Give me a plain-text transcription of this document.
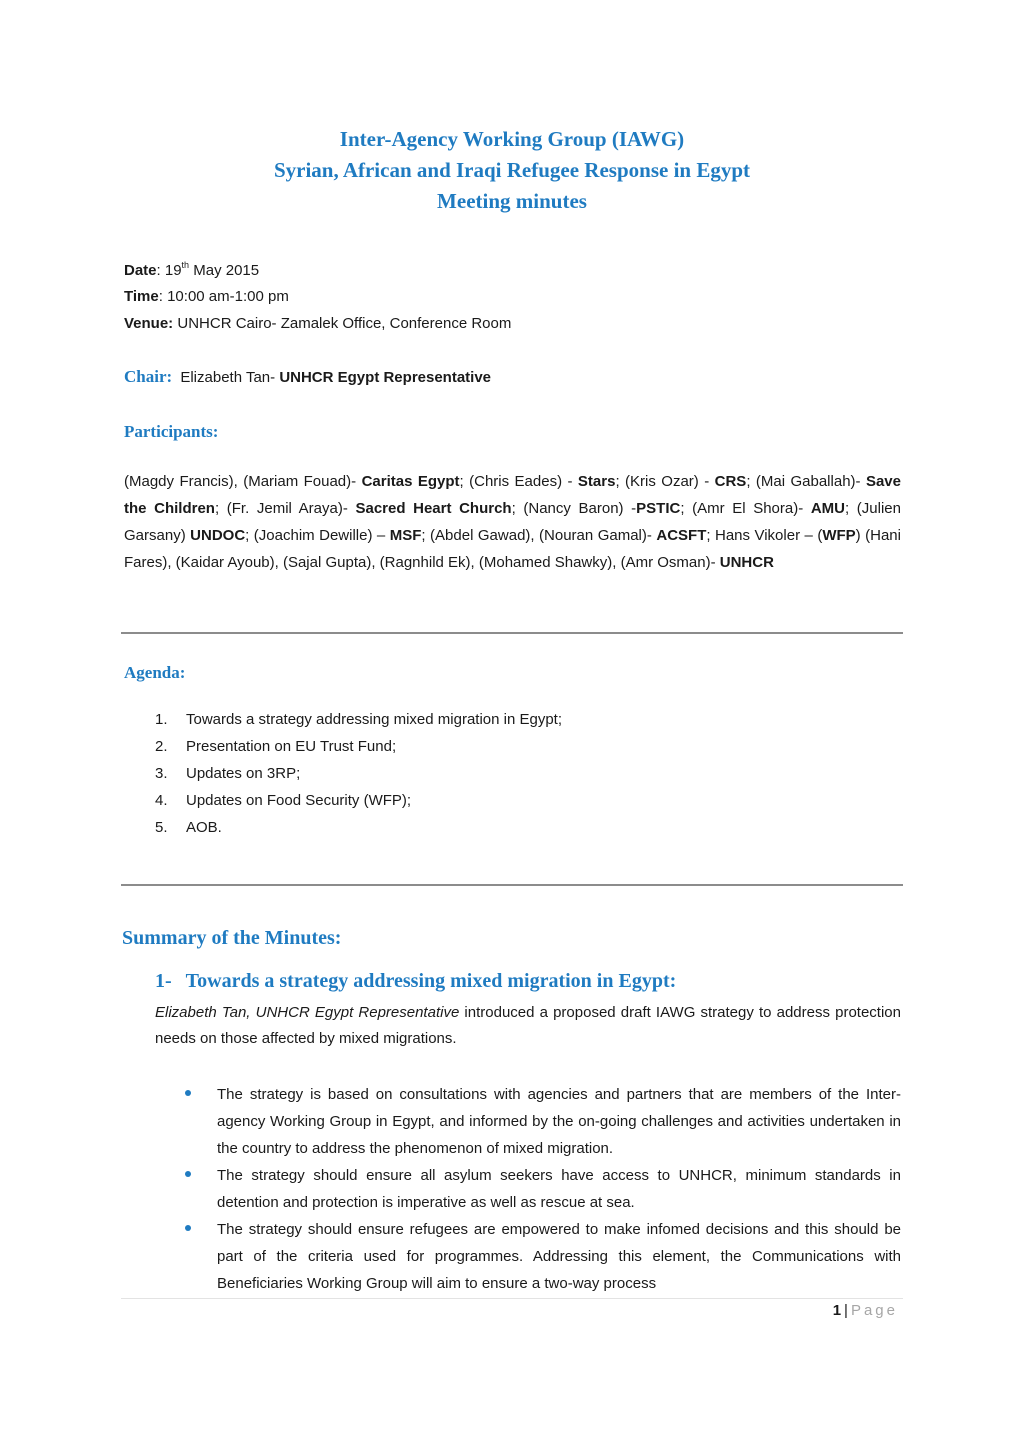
Inter-Agency Working Group (IAWG)
Syrian, African and Iraqi Refugee Response in Egypt
Meeting minutes
Date: 19th May 2015
Time: 10:00 am-1:00 pm
Venue: UNHCR Cairo- Zamalek Office, Conference Room
Chair: Elizabeth Tan- UNHCR Egypt Representative
Participants:
(Magdy Francis), (Mariam Fouad)- Caritas Egypt; (Chris Eades) - Stars; (Kris Ozar) - CRS; (Mai Gaballah)- Save the Children; (Fr. Jemil Araya)- Sacred Heart Church; (Nancy Baron) -PSTIC; (Amr El Shora)- AMU; (Julien Garsany) UNDOC; (Joachim Dewille) – MSF; (Abdel Gawad), (Nouran Gamal)- ACSFT; Hans Vikoler – (WFP) (Hani Fares), (Kaidar Ayoub), (Sajal Gupta), (Ragnhild Ek), (Mohamed Shawky), (Amr Osman)- UNHCR
Agenda:
1.	Towards a strategy addressing mixed migration in Egypt;
2.	Presentation on EU Trust Fund;
3.	Updates on 3RP;
4.	Updates on Food Security (WFP);
5.	AOB.
Summary of the Minutes:
1- Towards a strategy addressing mixed migration in Egypt:
Elizabeth Tan, UNHCR Egypt Representative introduced a proposed draft IAWG strategy to address protection needs on those affected by mixed migrations.
The strategy is based on consultations with agencies and partners that are members of the Inter-agency Working Group in Egypt, and informed by the on-going challenges and activities undertaken in the country to address the phenomenon of mixed migration.
The strategy should ensure all asylum seekers have access to UNHCR, minimum standards in detention and protection is imperative as well as rescue at sea.
The strategy should ensure refugees are empowered to make infomed decisions and this should be part of the criteria used for programmes. Addressing this element, the Communications with Beneficiaries Working Group will aim to ensure a two-way process
1 | Page
